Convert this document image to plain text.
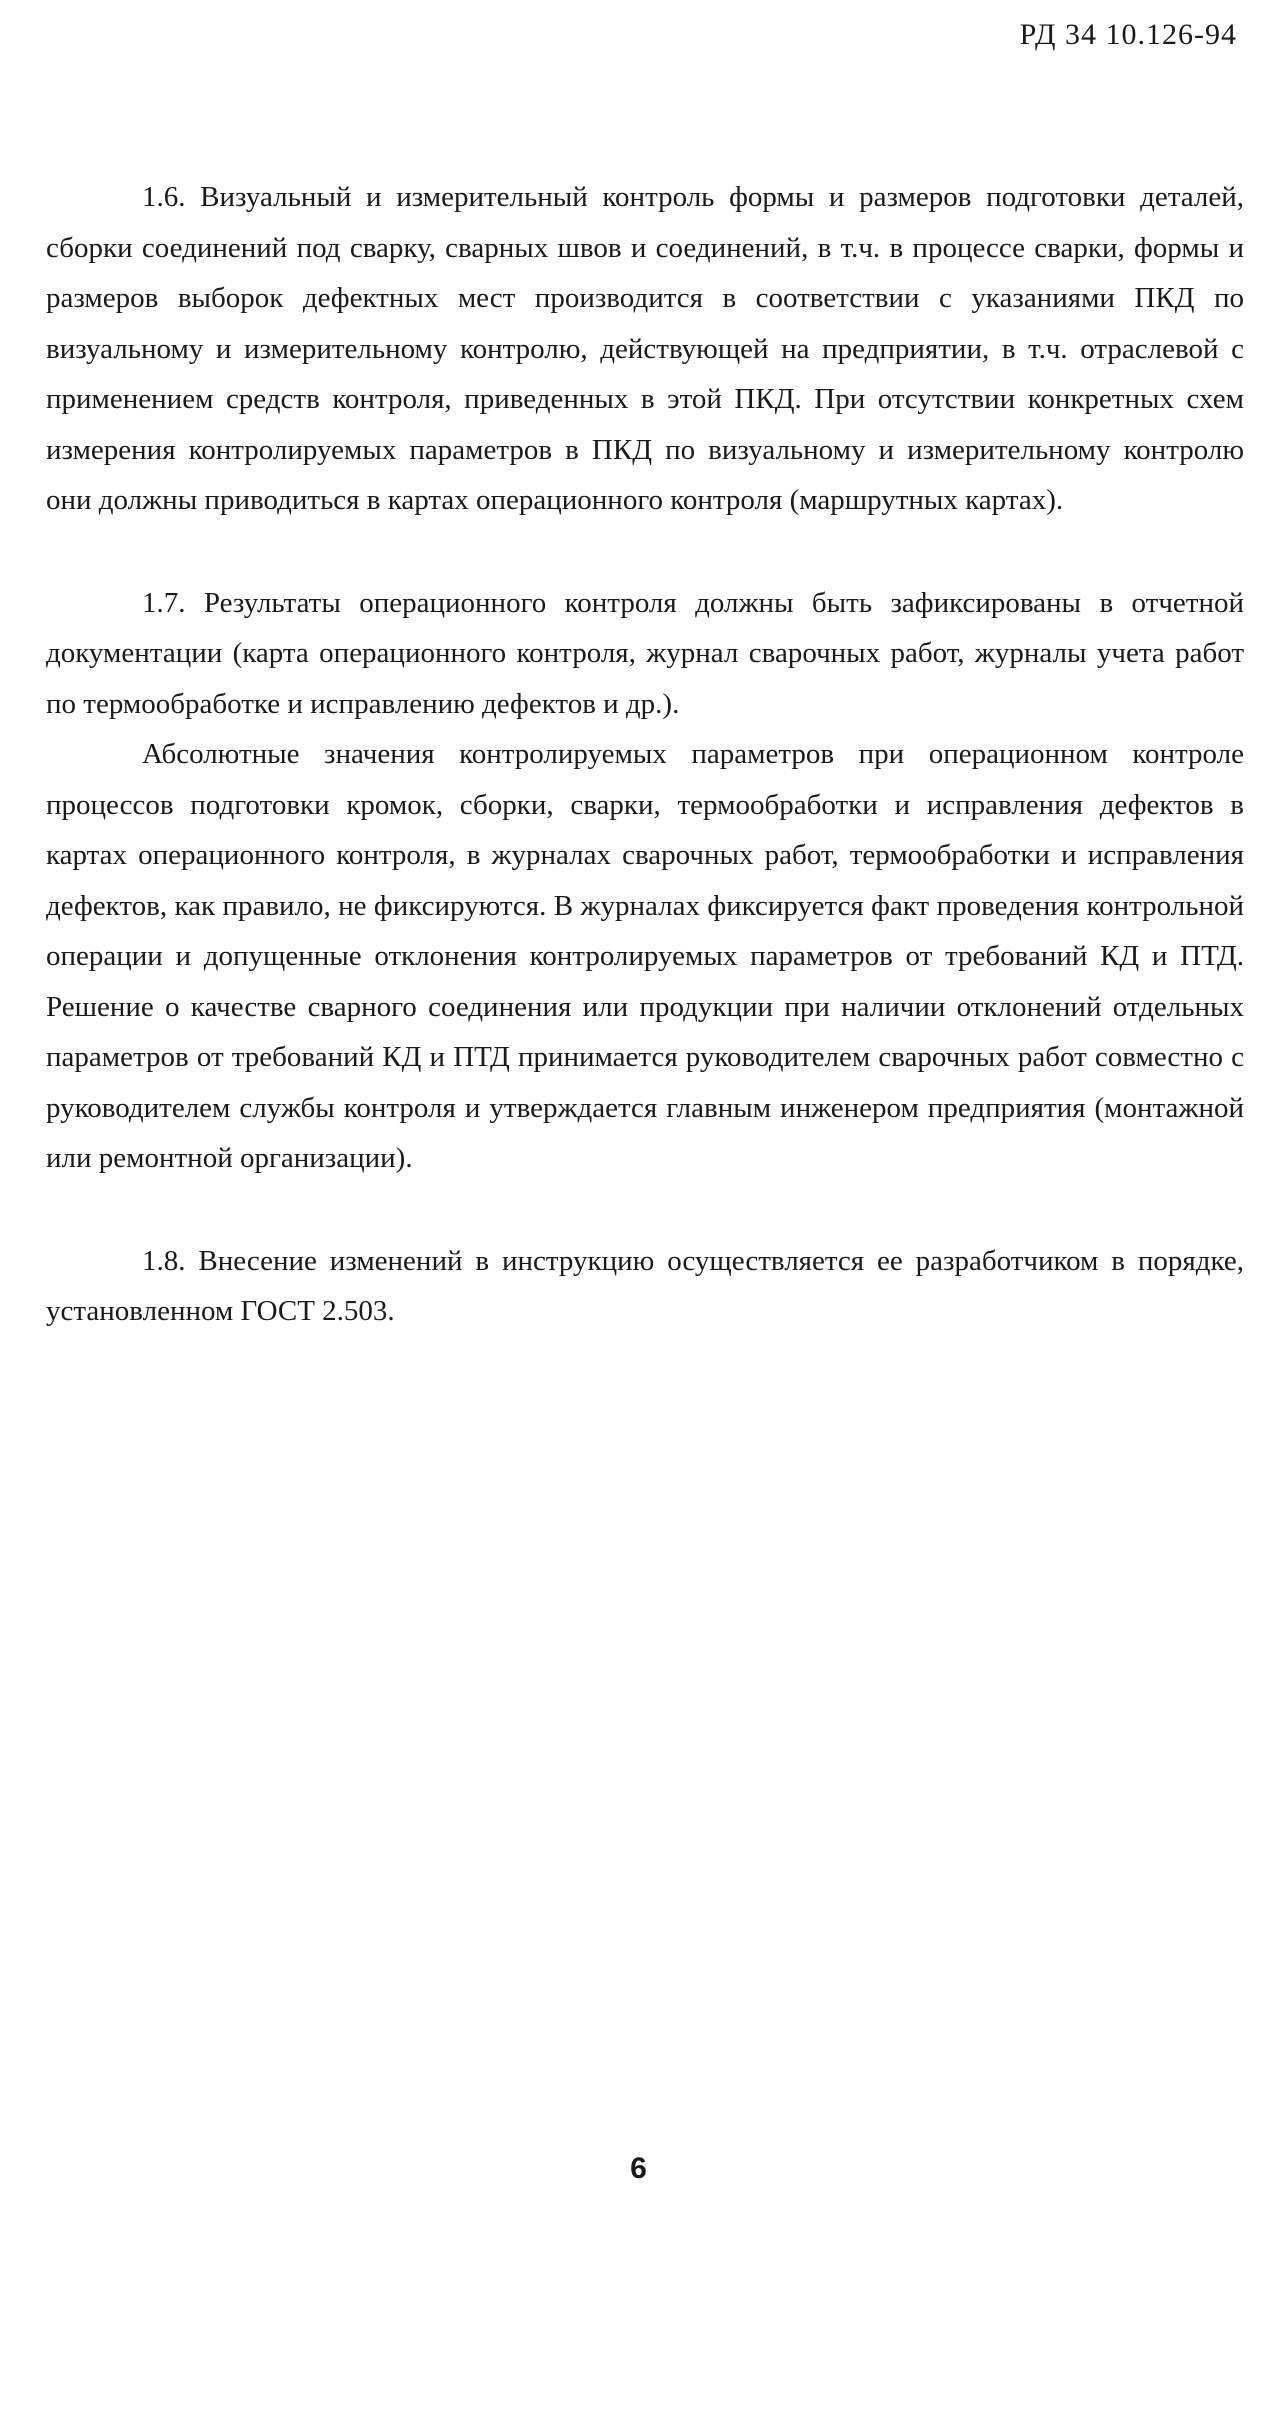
РД 34 10.126-94

1.6. Визуальный и измерительный контроль формы и размеров подготовки деталей, сборки соединений под сварку, сварных швов и соединений, в т.ч. в процессе сварки, формы и размеров выборок дефектных мест производится в соответствии с указаниями ПКД по визуальному и измерительному контролю, действующей на предприятии, в т.ч. отраслевой с применением средств контроля, приведенных в этой ПКД. При отсутствии конкретных схем измерения контролируемых параметров в ПКД по визуальному и измерительному контролю они должны приводиться в картах операционного контроля (маршрутных картах).

1.7. Результаты операционного контроля должны быть зафиксированы в отчетной документации (карта операционного контроля, журнал сварочных работ, журналы учета работ по термообработке и исправлению дефектов и др.).

Абсолютные значения контролируемых параметров при операционном контроле процессов подготовки кромок, сборки, сварки, термообработки и исправления дефектов в картах операционного контроля, в журналах сварочных работ, термообработки и исправления дефектов, как правило, не фиксируются. В журналах фиксируется факт проведения контрольной операции и допущенные отклонения контролируемых параметров от требований КД и ПТД. Решение о качестве сварного соединения или продукции при наличии отклонений отдельных параметров от требований КД и ПТД принимается руководителем сварочных работ совместно с руководителем службы контроля и утверждается главным инженером предприятия (монтажной или ремонтной организации).

1.8. Внесение изменений в инструкцию осуществляется ее разработчиком в порядке, установленном ГОСТ 2.503.

6
